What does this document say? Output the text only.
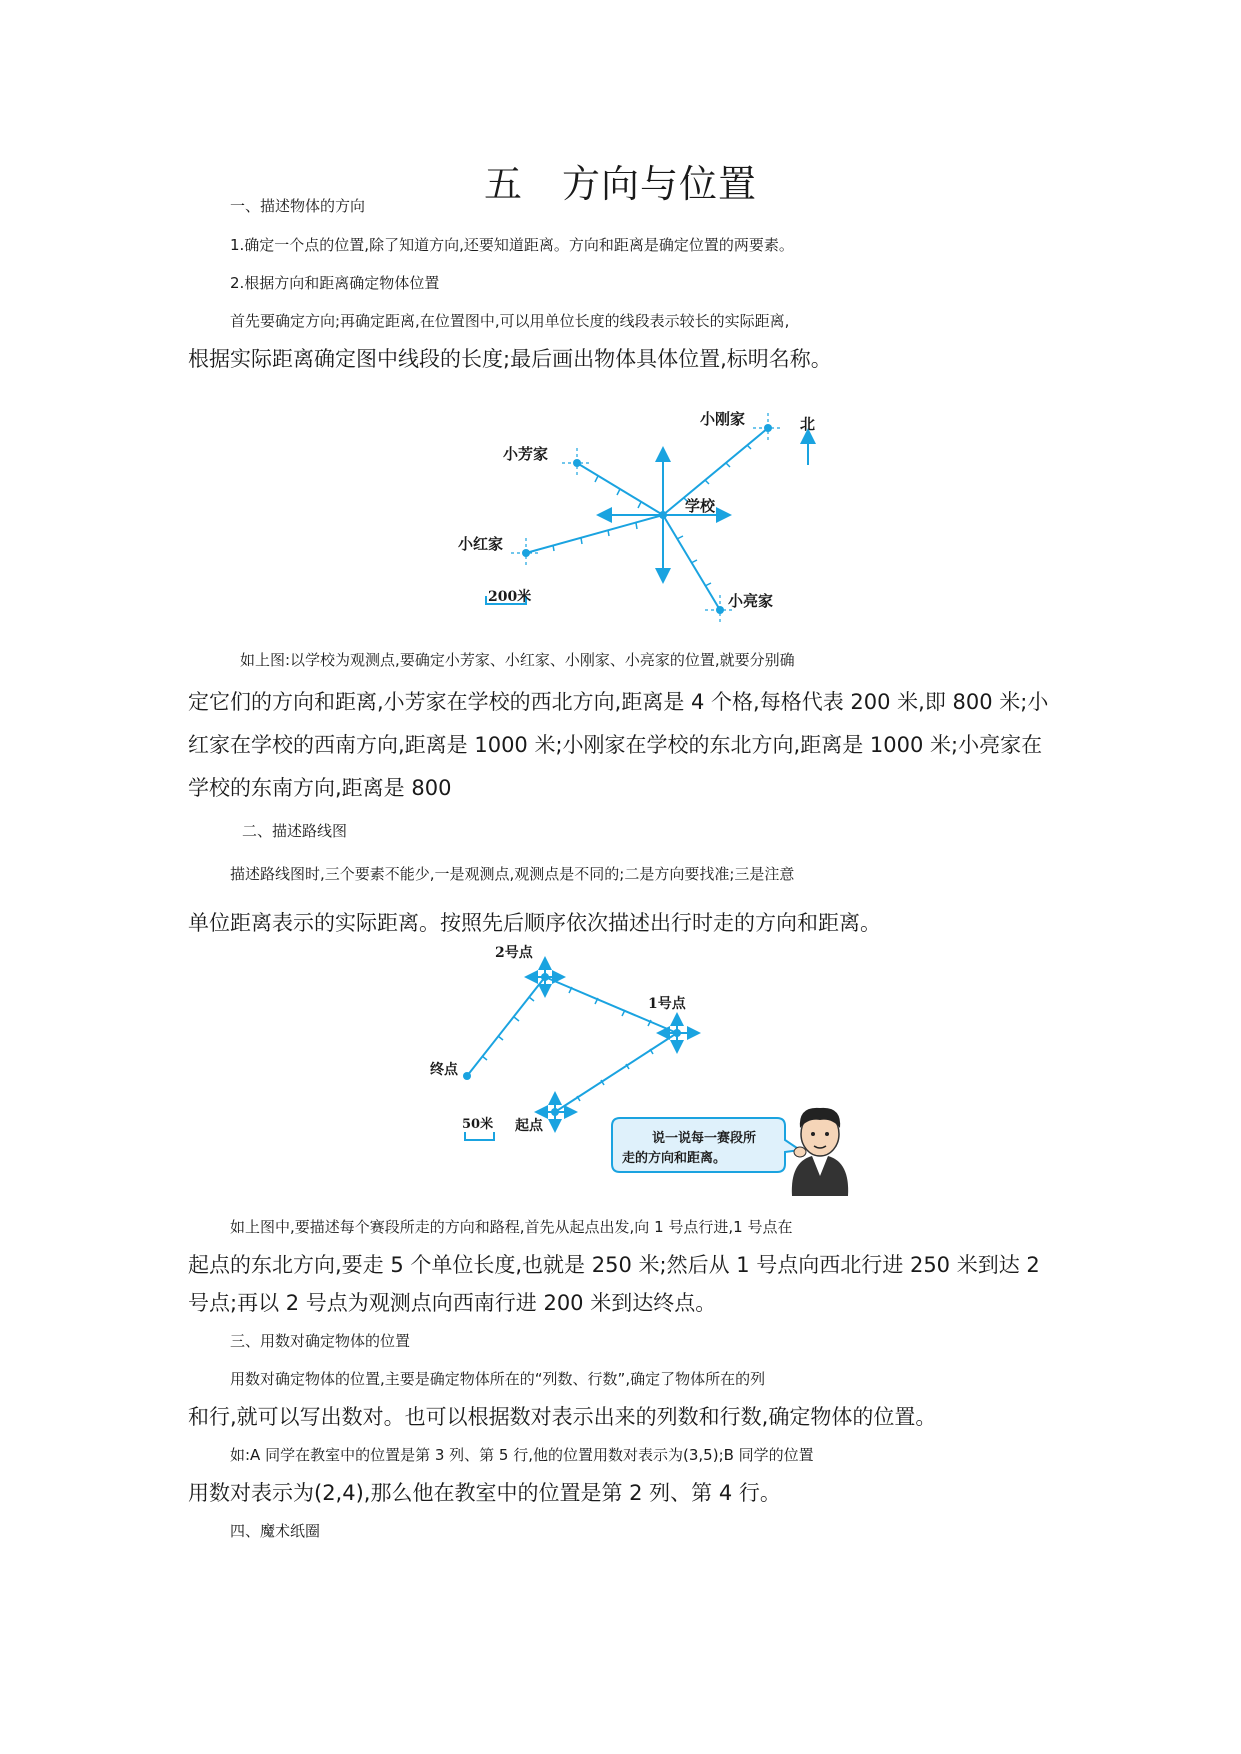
五　方向与位置
一、描述物体的方向
1.确定一个点的位置,除了知道方向,还要知道距离。方向和距离是确定位置的两要素。
2.根据方向和距离确定物体位置
首先要确定方向;再确定距离,在位置图中,可以用单位长度的线段表示较长的实际距离,
根据实际距离确定图中线段的长度;最后画出物体具体位置,标明名称。
小刚家	北
小芳家
学校
小红家
200米	小亮家
如上图:以学校为观测点,要确定小芳家、小红家、小刚家、小亮家的位置,就要分别确
定它们的方向和距离,小芳家在学校的西北方向,距离是 4 个格,每格代表 200 米,即 800 米;小
红家在学校的西南方向,距离是 1000 米;小刚家在学校的东北方向,距离是 1000 米;小亮家在
学校的东南方向,距离是 800
二、描述路线图
描述路线图时,三个要素不能少,一是观测点,观测点是不同的;二是方向要找准;三是注意
单位距离表示的实际距离。按照先后顺序依次描述出行时走的方向和距离。
2号点
1号点
终点
50米 起点
说一说每一赛段所
走的方向和距离。
如上图中,要描述每个赛段所走的方向和路程,首先从起点出发,向 1 号点行进,1 号点在
起点的东北方向,要走 5 个单位长度,也就是 250 米;然后从 1 号点向西北行进 250 米到达 2
号点;再以 2 号点为观测点向西南行进 200 米到达终点。
三、用数对确定物体的位置
用数对确定物体的位置,主要是确定物体所在的“列数、行数”,确定了物体所在的列
和行,就可以写出数对。也可以根据数对表示出来的列数和行数,确定物体的位置。
如:A 同学在教室中的位置是第 3 列、第 5 行,他的位置用数对表示为(3,5);B 同学的位置
用数对表示为(2,4),那么他在教室中的位置是第 2 列、第 4 行。
四、魔术纸圈
